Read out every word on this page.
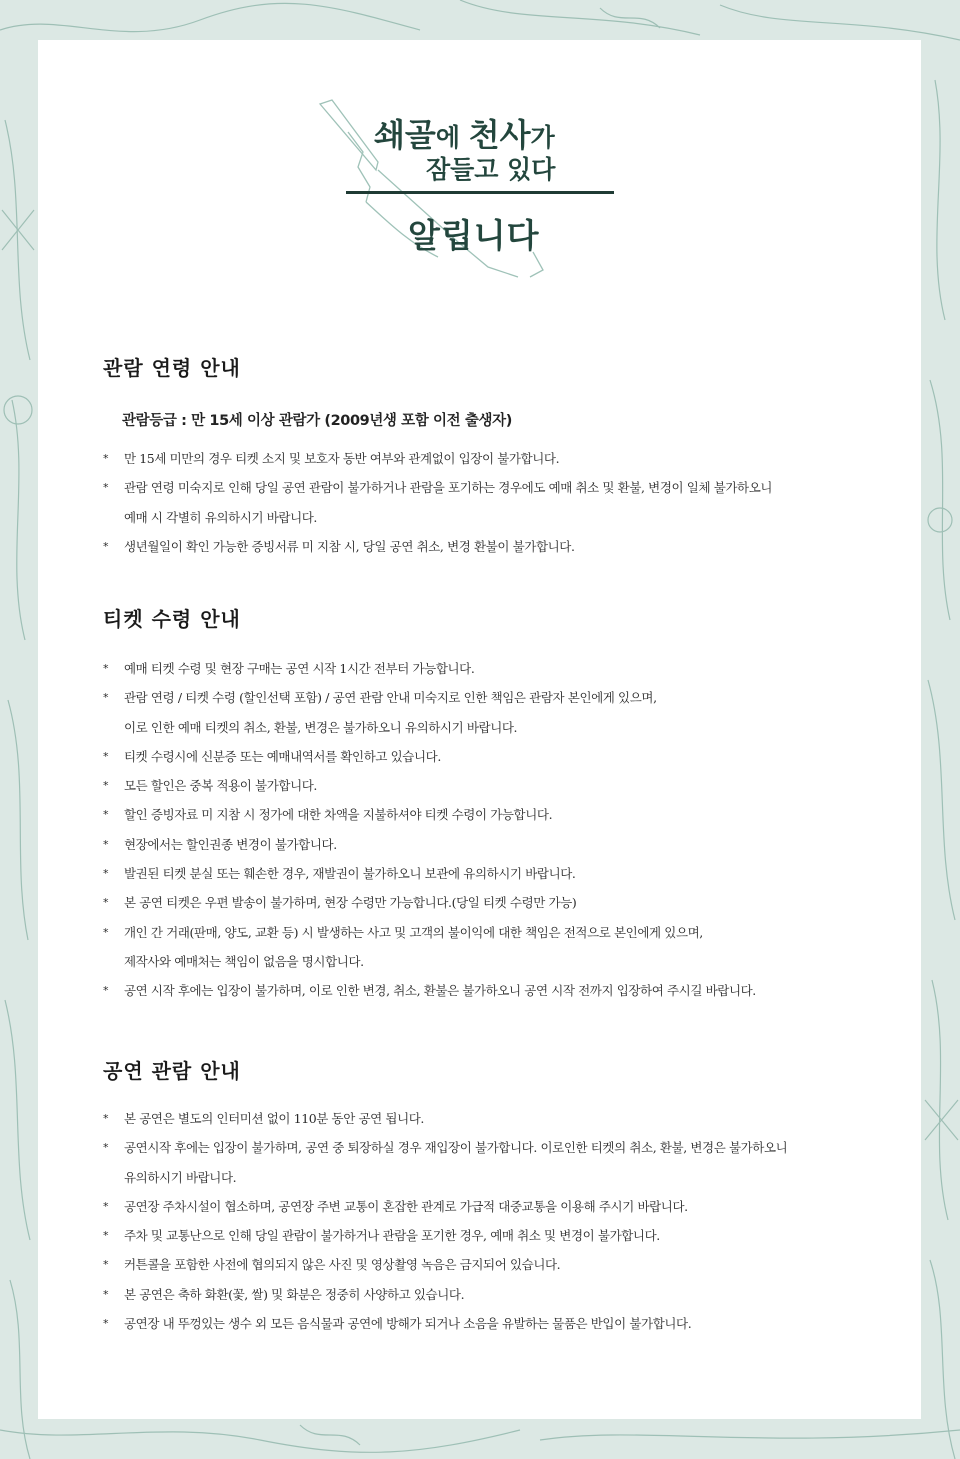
쇄골에 천사가
잠들고 있다
알립니다
관람 연령 안내
관람등급 : 만 15세 이상 관람가 (2009년생 포함 이전 출생자)
* 만 15세 미만의 경우 티켓 소지 및 보호자 동반 여부와 관계없이 입장이 불가합니다.
* 관람 연령 미숙지로 인해 당일 공연 관람이 불가하거나 관람을 포기하는 경우에도 예매 취소 및 환불, 변경이 일체 불가하오니
예매 시 각별히 유의하시기 바랍니다.
* 생년월일이 확인 가능한 증빙서류 미 지참 시, 당일 공연 취소, 변경 환불이 불가합니다.
티켓 수령 안내
* 예매 티켓 수령 및 현장 구매는 공연 시작 1시간 전부터 가능합니다.
* 관람 연령 / 티켓 수령 (할인선택 포함) / 공연 관람 안내 미숙지로 인한 책임은 관람자 본인에게 있으며,
이로 인한 예매 티켓의 취소, 환불, 변경은 불가하오니 유의하시기 바랍니다.
* 티켓 수령시에 신분증 또는 예매내역서를 확인하고 있습니다.
* 모든 할인은 중복 적용이 불가합니다.
* 할인 증빙자료 미 지참 시 정가에 대한 차액을 지불하셔야 티켓 수령이 가능합니다.
* 현장에서는 할인권종 변경이 불가합니다.
* 발권된 티켓 분실 또는 훼손한 경우, 재발권이 불가하오니 보관에 유의하시기 바랍니다.
* 본 공연 티켓은 우편 발송이 불가하며, 현장 수령만 가능합니다.(당일 티켓 수령만 가능)
* 개인 간 거래(판매, 양도, 교환 등) 시 발생하는 사고 및 고객의 불이익에 대한 책임은 전적으로 본인에게 있으며,
제작사와 예매처는 책임이 없음을 명시합니다.
* 공연 시작 후에는 입장이 불가하며, 이로 인한 변경, 취소, 환불은 불가하오니 공연 시작 전까지 입장하여 주시길 바랍니다.
공연 관람 안내
* 본 공연은 별도의 인터미션 없이 110분 동안 공연 됩니다.
* 공연시작 후에는 입장이 불가하며, 공연 중 퇴장하실 경우 재입장이 불가합니다. 이로인한 티켓의 취소, 환불, 변경은 불가하오니
유의하시기 바랍니다.
* 공연장 주차시설이 협소하며, 공연장 주변 교통이 혼잡한 관계로 가급적 대중교통을 이용해 주시기 바랍니다.
* 주차 및 교통난으로 인해 당일 관람이 불가하거나 관람을 포기한 경우, 예매 취소 및 변경이 불가합니다.
* 커튼콜을 포함한 사전에 협의되지 않은 사진 및 영상촬영 녹음은 금지되어 있습니다.
* 본 공연은 축하 화환(꽃, 쌀) 및 화분은 정중히 사양하고 있습니다.
* 공연장 내 뚜껑있는 생수 외 모든 음식물과 공연에 방해가 되거나 소음을 유발하는 물품은 반입이 불가합니다.
